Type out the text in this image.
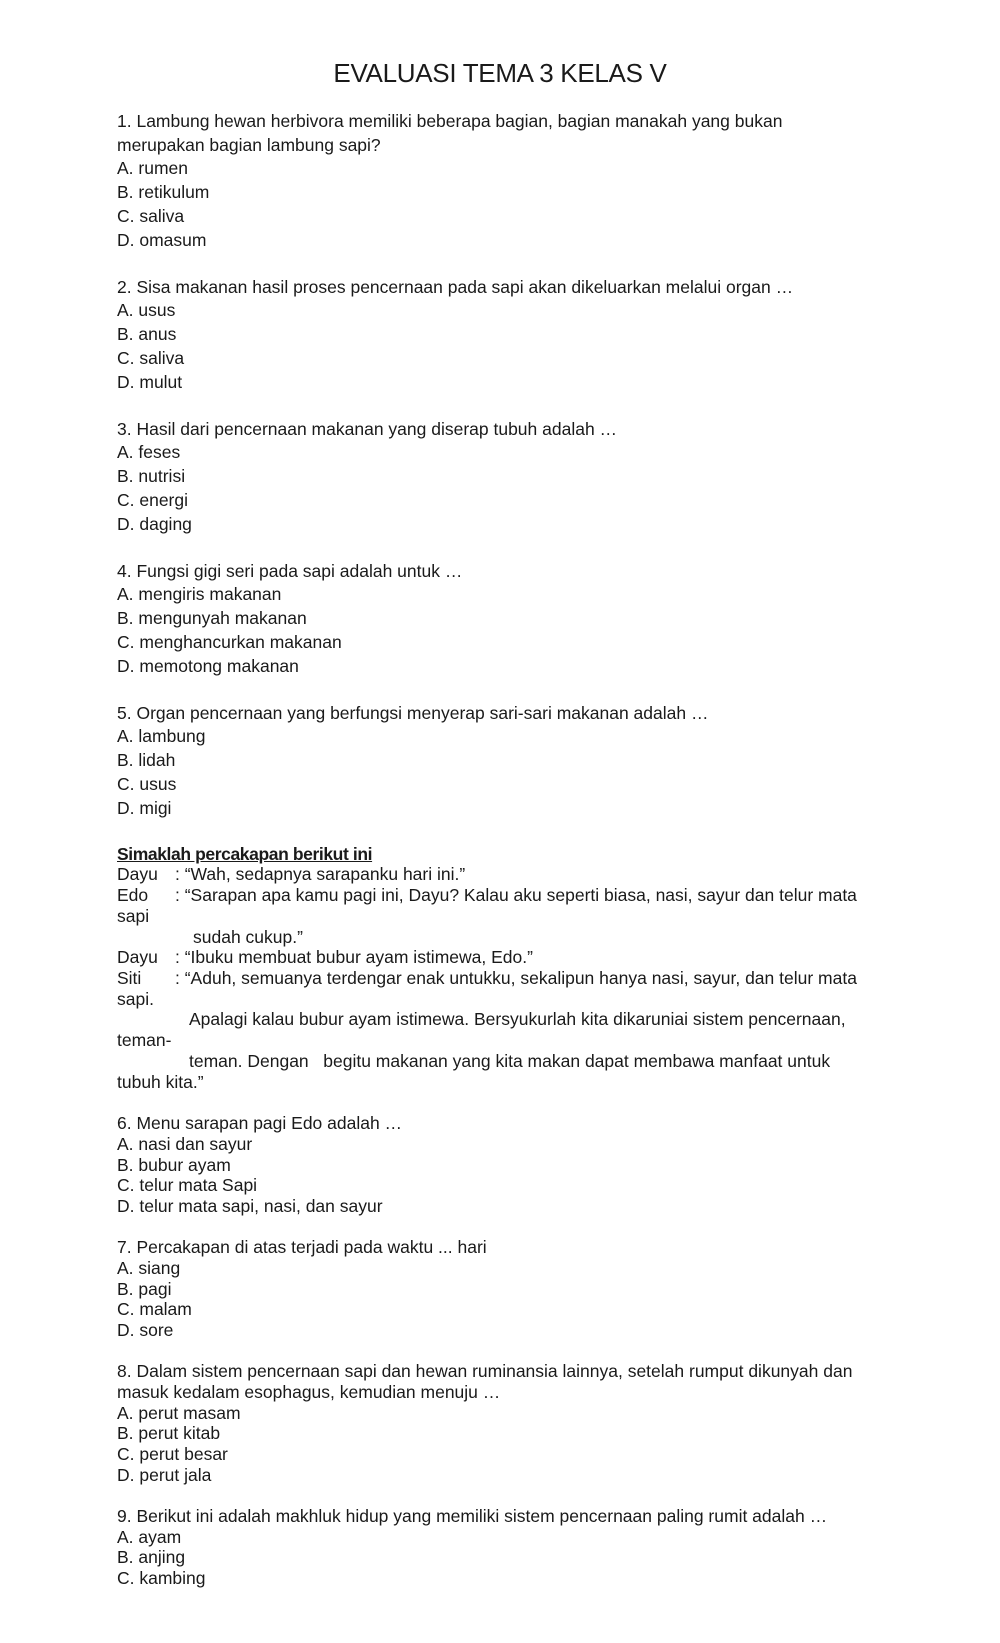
EVALUASI TEMA 3 KELAS V
1. Lambung hewan herbivora memiliki beberapa bagian, bagian manakah yang bukan
merupakan bagian lambung sapi?
A. rumen
B. retikulum
C. saliva
D. omasum
2. Sisa makanan hasil proses pencernaan pada sapi akan dikeluarkan melalui organ …
A. usus
B. anus
C. saliva
D. mulut
3. Hasil dari pencernaan makanan yang diserap tubuh adalah …
A. feses
B. nutrisi
C. energi
D. daging
4. Fungsi gigi seri pada sapi adalah untuk …
A. mengiris makanan
B. mengunyah makanan
C. menghancurkan makanan
D. memotong makanan
5. Organ pencernaan yang berfungsi menyerap sari-sari makanan adalah …
A. lambung
B. lidah
C. usus
D. migi
Simaklah percakapan berikut ini
Dayu : “Wah, sedapnya sarapanku hari ini.”
Edo	: “Sarapan apa kamu pagi ini, Dayu? Kalau aku seperti biasa, nasi, sayur dan telur mata
sapi
sudah cukup.”
Dayu : “Ibuku membuat bubur ayam istimewa, Edo.”
Siti	: “Aduh, semuanya terdengar enak untukku, sekalipun hanya nasi, sayur, dan telur mata
sapi.
Apalagi kalau bubur ayam istimewa. Bersyukurlah kita dikaruniai sistem pencernaan,
teman-
teman. Dengan   begitu makanan yang kita makan dapat membawa manfaat untuk
tubuh kita.”
6. Menu sarapan pagi Edo adalah …
A. nasi dan sayur
B. bubur ayam
C. telur mata Sapi
D. telur mata sapi, nasi, dan sayur
7. Percakapan di atas terjadi pada waktu ... hari
A. siang
B. pagi
C. malam
D. sore
8. Dalam sistem pencernaan sapi dan hewan ruminansia lainnya, setelah rumput dikunyah dan
masuk kedalam esophagus, kemudian menuju …
A. perut masam
B. perut kitab
C. perut besar
D. perut jala
9. Berikut ini adalah makhluk hidup yang memiliki sistem pencernaan paling rumit adalah …
A. ayam
B. anjing
C. kambing
